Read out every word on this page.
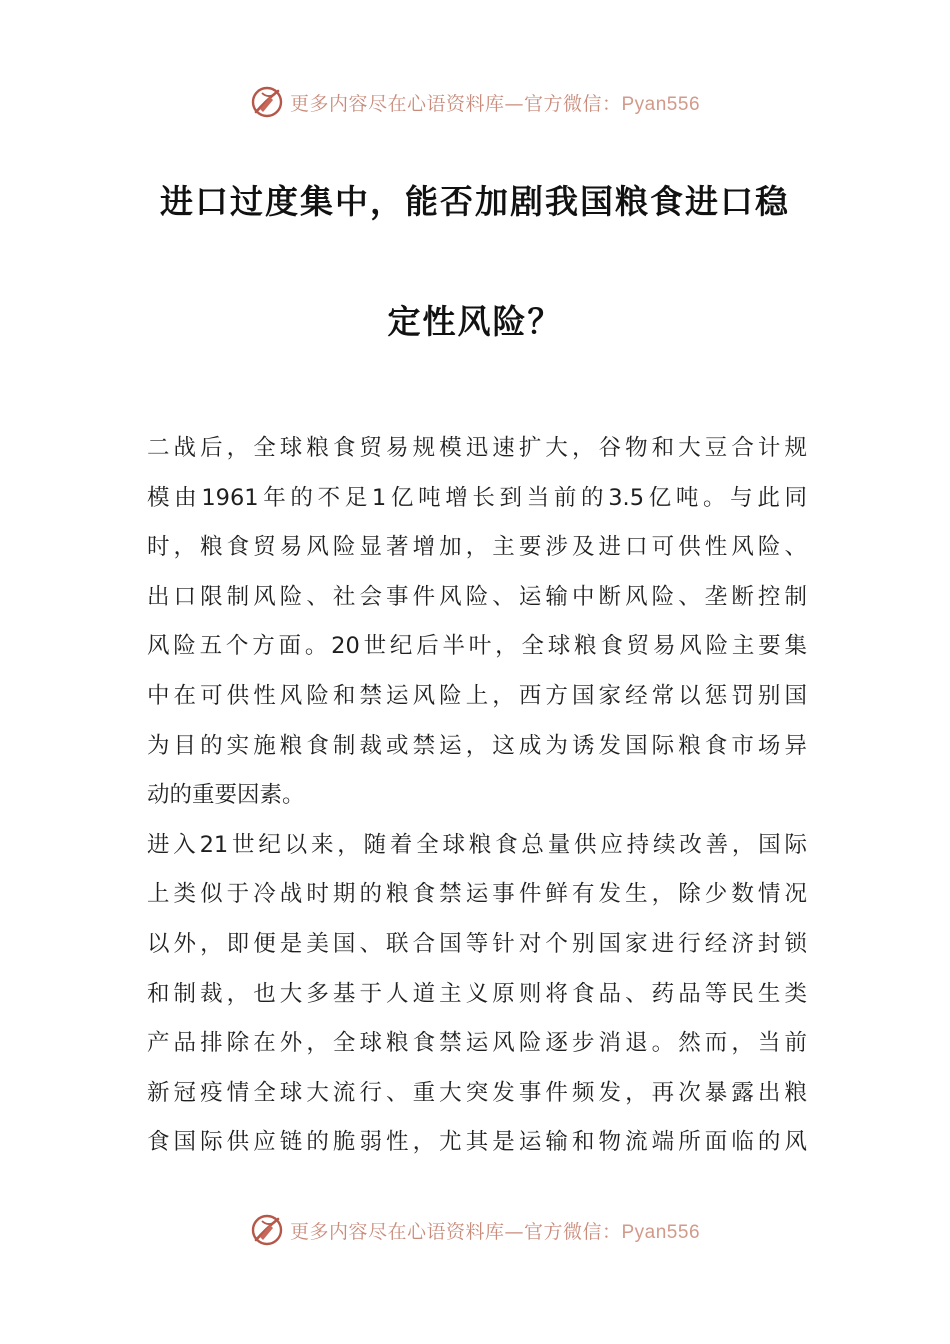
更多内容尽在心语资料库—官方微信：Pyan556
进口过度集中，能否加剧我国粮食进口稳
定性风险？
二战后，全球粮食贸易规模迅速扩大，谷物和大豆合计规
模由1961年的不足1亿吨增长到当前的3.5亿吨。与此同
时，粮食贸易风险显著增加，主要涉及进口可供性风险、
出口限制风险、社会事件风险、运输中断风险、垄断控制
风险五个方面。20世纪后半叶，全球粮食贸易风险主要集
中在可供性风险和禁运风险上，西方国家经常以惩罚别国
为目的实施粮食制裁或禁运，这成为诱发国际粮食市场异
动的重要因素。
进入21世纪以来，随着全球粮食总量供应持续改善，国际
上类似于冷战时期的粮食禁运事件鲜有发生，除少数情况
以外，即便是美国、联合国等针对个别国家进行经济封锁
和制裁，也大多基于人道主义原则将食品、药品等民生类
产品排除在外，全球粮食禁运风险逐步消退。然而，当前
新冠疫情全球大流行、重大突发事件频发，再次暴露出粮
食国际供应链的脆弱性，尤其是运输和物流端所面临的风
更多内容尽在心语资料库—官方微信：Pyan556
